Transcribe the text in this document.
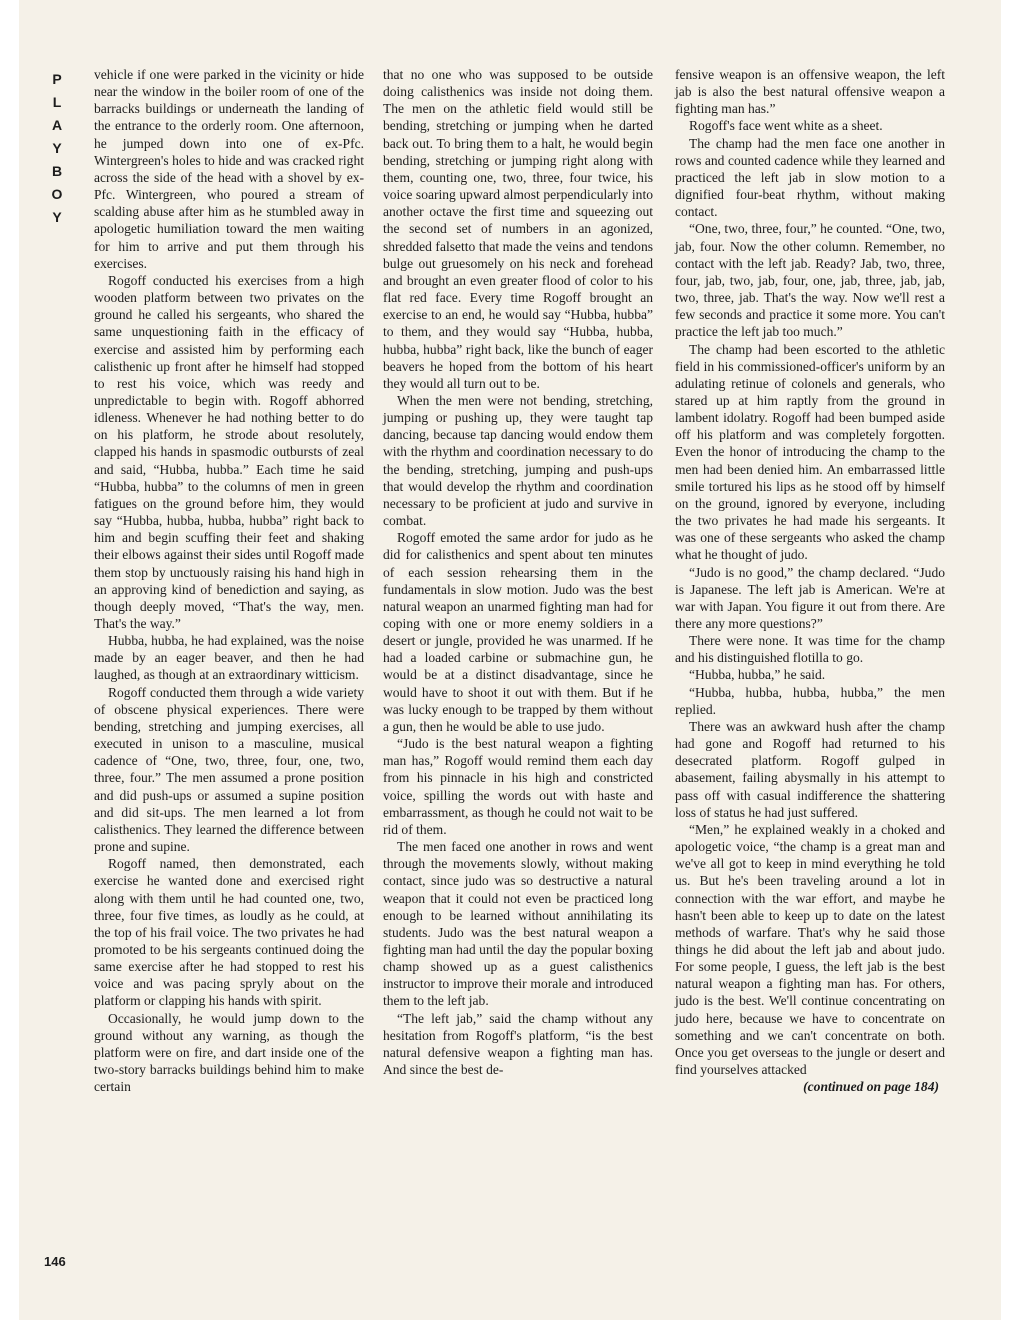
P
L
A
Y
B
O
Y

vehicle if one were parked in the vicinity or hide near the window in the boiler room of one of the barracks buildings or underneath the landing of the entrance to the orderly room. One afternoon, he jumped down into one of ex-Pfc. Wintergreen's holes to hide and was cracked right across the side of the head with a shovel by ex-Pfc. Wintergreen, who poured a stream of scalding abuse after him as he stumbled away in apologetic humiliation toward the men waiting for him to arrive and put them through his exercises.

Rogoff conducted his exercises from a high wooden platform between two privates on the ground he called his sergeants, who shared the same unquestioning faith in the efficacy of exercise and assisted him by performing each calisthenic up front after he himself had stopped to rest his voice, which was reedy and unpredictable to begin with. Rogoff abhorred idleness. Whenever he had nothing better to do on his platform, he strode about resolutely, clapped his hands in spasmodic outbursts of zeal and said, “Hubba, hubba.” Each time he said “Hubba, hubba” to the columns of men in green fatigues on the ground before him, they would say “Hubba, hubba, hubba, hubba” right back to him and begin scuffing their feet and shaking their elbows against their sides until Rogoff made them stop by unctuously raising his hand high in an approving kind of benediction and saying, as though deeply moved, “That's the way, men. That's the way.”

Hubba, hubba, he had explained, was the noise made by an eager beaver, and then he had laughed, as though at an extraordinary witticism.

Rogoff conducted them through a wide variety of obscene physical experiences. There were bending, stretching and jumping exercises, all executed in unison to a masculine, musical cadence of “One, two, three, four, one, two, three, four.” The men assumed a prone position and did push-ups or assumed a supine position and did sit-ups. The men learned a lot from calisthenics. They learned the difference between prone and supine.

Rogoff named, then demonstrated, each exercise he wanted done and exercised right along with them until he had counted one, two, three, four five times, as loudly as he could, at the top of his frail voice. The two privates he had promoted to be his sergeants continued doing the same exercise after he had stopped to rest his voice and was pacing spryly about on the platform or clapping his hands with spirit.

Occasionally, he would jump down to the ground without any warning, as though the platform were on fire, and dart inside one of the two-story barracks buildings behind him to make certain

that no one who was supposed to be outside doing calisthenics was inside not doing them. The men on the athletic field would still be bending, stretching or jumping when he darted back out. To bring them to a halt, he would begin bending, stretching or jumping right along with them, counting one, two, three, four twice, his voice soaring upward almost perpendicularly into another octave the first time and squeezing out the second set of numbers in an agonized, shredded falsetto that made the veins and tendons bulge out gruesomely on his neck and forehead and brought an even greater flood of color to his flat red face. Every time Rogoff brought an exercise to an end, he would say “Hubba, hubba” to them, and they would say “Hubba, hubba, hubba, hubba” right back, like the bunch of eager beavers he hoped from the bottom of his heart they would all turn out to be.

When the men were not bending, stretching, jumping or pushing up, they were taught tap dancing, because tap dancing would endow them with the rhythm and coordination necessary to do the bending, stretching, jumping and push-ups that would develop the rhythm and coordination necessary to be proficient at judo and survive in combat.

Rogoff emoted the same ardor for judo as he did for calisthenics and spent about ten minutes of each session rehearsing them in the fundamentals in slow motion. Judo was the best natural weapon an unarmed fighting man had for coping with one or more enemy soldiers in a desert or jungle, provided he was unarmed. If he had a loaded carbine or submachine gun, he would be at a distinct disadvantage, since he would have to shoot it out with them. But if he was lucky enough to be trapped by them without a gun, then he would be able to use judo.

“Judo is the best natural weapon a fighting man has,” Rogoff would remind them each day from his pinnacle in his high and constricted voice, spilling the words out with haste and embarrassment, as though he could not wait to be rid of them.

The men faced one another in rows and went through the movements slowly, without making contact, since judo was so destructive a natural weapon that it could not even be practiced long enough to be learned without annihilating its students. Judo was the best natural weapon a fighting man had until the day the popular boxing champ showed up as a guest calisthenics instructor to improve their morale and introduced them to the left jab.

“The left jab,” said the champ without any hesitation from Rogoff's platform, “is the best natural defensive weapon a fighting man has. And since the best de-

fensive weapon is an offensive weapon, the left jab is also the best natural offensive weapon a fighting man has.”

Rogoff's face went white as a sheet.

The champ had the men face one another in rows and counted cadence while they learned and practiced the left jab in slow motion to a dignified four-beat rhythm, without making contact.

“One, two, three, four,” he counted. “One, two, jab, four. Now the other column. Remember, no contact with the left jab. Ready? Jab, two, three, four, jab, two, jab, four, one, jab, three, jab, jab, two, three, jab. That's the way. Now we'll rest a few seconds and practice it some more. You can't practice the left jab too much.”

The champ had been escorted to the athletic field in his commissioned-officer's uniform by an adulating retinue of colonels and generals, who stared up at him raptly from the ground in lambent idolatry. Rogoff had been bumped aside off his platform and was completely forgotten. Even the honor of introducing the champ to the men had been denied him. An embarrassed little smile tortured his lips as he stood off by himself on the ground, ignored by everyone, including the two privates he had made his sergeants. It was one of these sergeants who asked the champ what he thought of judo.

“Judo is no good,” the champ declared. “Judo is Japanese. The left jab is American. We're at war with Japan. You figure it out from there. Are there any more questions?”

There were none. It was time for the champ and his distinguished flotilla to go.

“Hubba, hubba,” he said.

“Hubba, hubba, hubba, hubba,” the men replied.

There was an awkward hush after the champ had gone and Rogoff had returned to his desecrated platform. Rogoff gulped in abasement, failing abysmally in his attempt to pass off with casual indifference the shattering loss of status he had just suffered.

“Men,” he explained weakly in a choked and apologetic voice, “the champ is a great man and we've all got to keep in mind everything he told us. But he's been traveling around a lot in connection with the war effort, and maybe he hasn't been able to keep up to date on the latest methods of warfare. That's why he said those things he did about the left jab and about judo. For some people, I guess, the left jab is the best natural weapon a fighting man has. For others, judo is the best. We'll continue concentrating on judo here, because we have to concentrate on something and we can't concentrate on both. Once you get overseas to the jungle or desert and find yourselves attacked

(continued on page 184)
146
